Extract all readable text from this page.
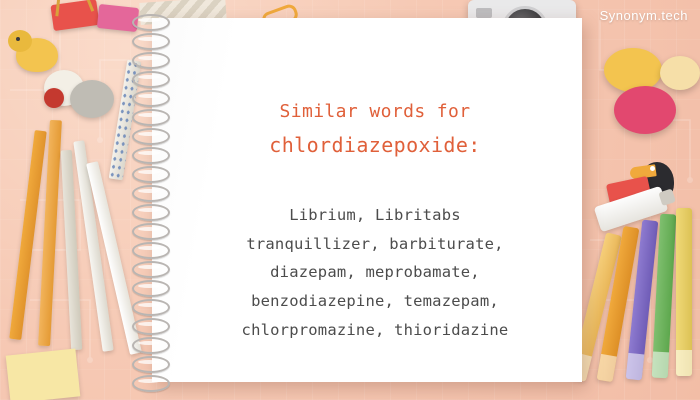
Similar words for
chlordiazepoxide:
Librium, Libritabs
tranquillizer, barbiturate,
diazepam, meprobamate,
benzodiazepine, temazepam,
chlorpromazine, thioridazine
Synonym.tech
